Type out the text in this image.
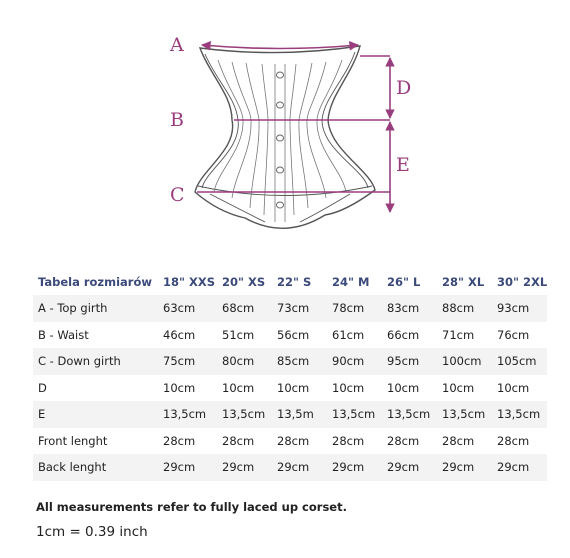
A
B
C
D
E
Tabela rozmiarów		18" XXS		20" XS		22" S		24" M		26" L		28" XL		30" 2XL
A - Top girth		63cm		68cm		73cm		78cm		83cm		88cm		93cm
B - Waist		46cm		51cm		56cm		61cm		66cm		71cm		76cm
C - Down girth		75cm		80cm		85cm		90cm		95cm		100cm		105cm
D		10cm		10cm		10cm		10cm		10cm		10cm		10cm
E		13,5cm		13,5cm		13,5m		13,5cm		13,5cm		13,5cm		13,5cm
Front lenght		28cm		28cm		28cm		28cm		28cm		28cm		28cm
Back lenght		29cm		29cm		29cm		29cm		29cm		29cm		29cm
All measurements refer to fully laced up corset.
1cm = 0.39 inch
